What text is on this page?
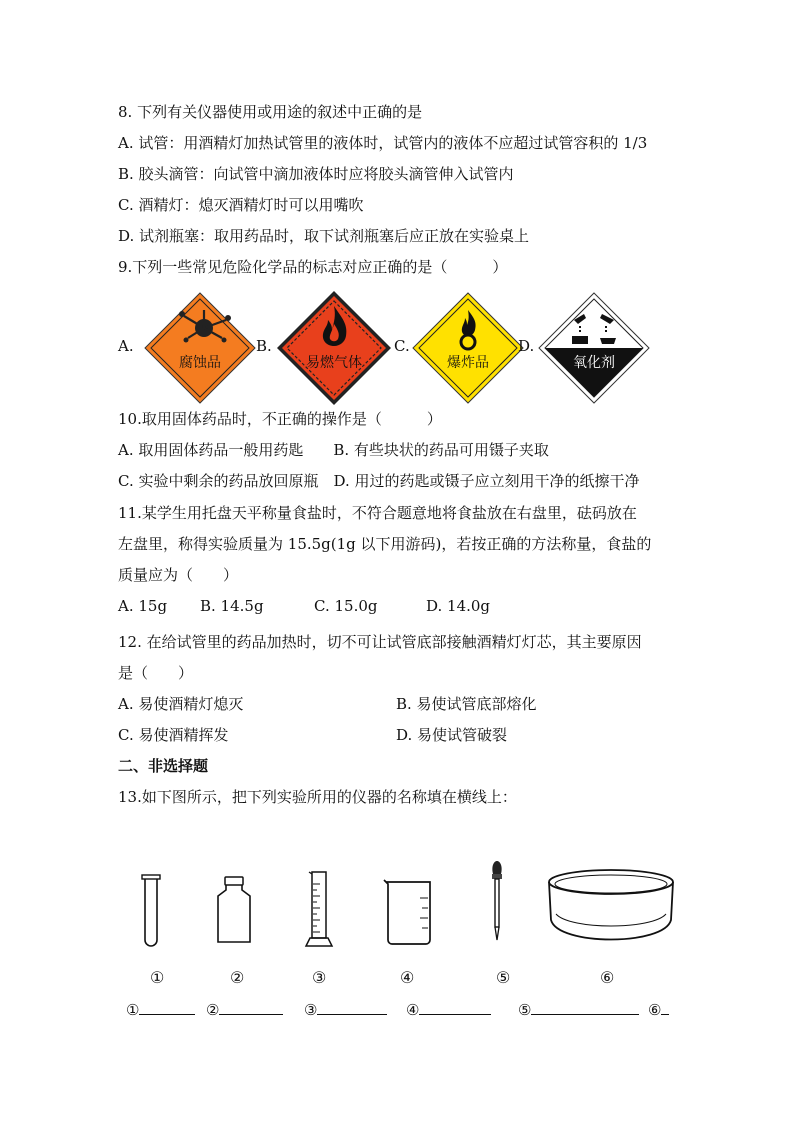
8. 下列有关仪器使用或用途的叙述中正确的是
A. 试管：用酒精灯加热试管里的液体时，试管内的液体不应超过试管容积的 1/3
B. 胶头滴管：向试管中滴加液体时应将胶头滴管伸入试管内
C. 酒精灯：熄灭酒精灯时可以用嘴吹
D. 试剂瓶塞：取用药品时，取下试剂瓶塞后应正放在实验桌上
9.下列一些常见危险化学品的标志对应正确的是（　　　）
A.
腐蚀品
B.
易燃气体
C.
爆炸品
D.
氧化剂
10.取用固体药品时，不正确的操作是（　　　）
A. 取用固体药品一般用药匙　　B. 有些块状的药品可用镊子夹取
C. 实验中剩余的药品放回原瓶　D. 用过的药匙或镊子应立刻用干净的纸擦干净
11.某学生用托盘天平称量食盐时，不符合题意地将食盐放在右盘里，砝码放在
左盘里，称得实验质量为 15.5g(1g 以下用游码)，若按正确的方法称量，食盐的
质量应为（　　）
A. 15g B. 14.5g	C. 15.0g	D. 14.0g
12. 在给试管里的药品加热时，切不可让试管底部接触酒精灯灯芯，其主要原因
是（　　）
A. 易使酒精灯熄灭	B. 易使试管底部熔化
C. 易使酒精挥发	D. 易使试管破裂
二、非选择题
13.如下图所示，把下列实验所用的仪器的名称填在横线上：
①	②	③	④	⑤	⑥
①	②	③	④	⑤	⑥
